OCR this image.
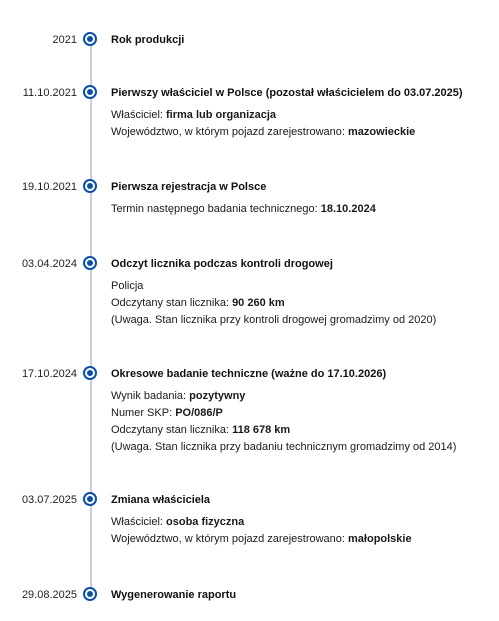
2021	Rok produkcji
11.10.2021	Pierwszy właściciel w Polsce (pozostał właścicielem do 03.07.2025)
Właściciel: firma lub organizacja
Województwo, w którym pojazd zarejestrowano: mazowieckie
19.10.2021	Pierwsza rejestracja w Polsce
Termin następnego badania technicznego: 18.10.2024
03.04.2024	Odczyt licznika podczas kontroli drogowej
Policja
Odczytany stan licznika: 90 260 km
(Uwaga. Stan licznika przy kontroli drogowej gromadzimy od 2020)
17.10.2024	Okresowe badanie techniczne (ważne do 17.10.2026)
Wynik badania: pozytywny
Numer SKP: PO/086/P
Odczytany stan licznika: 118 678 km
(Uwaga. Stan licznika przy badaniu technicznym gromadzimy od 2014)
03.07.2025	Zmiana właściciela
Właściciel: osoba fizyczna
Województwo, w którym pojazd zarejestrowano: małopolskie
29.08.2025	Wygenerowanie raportu
